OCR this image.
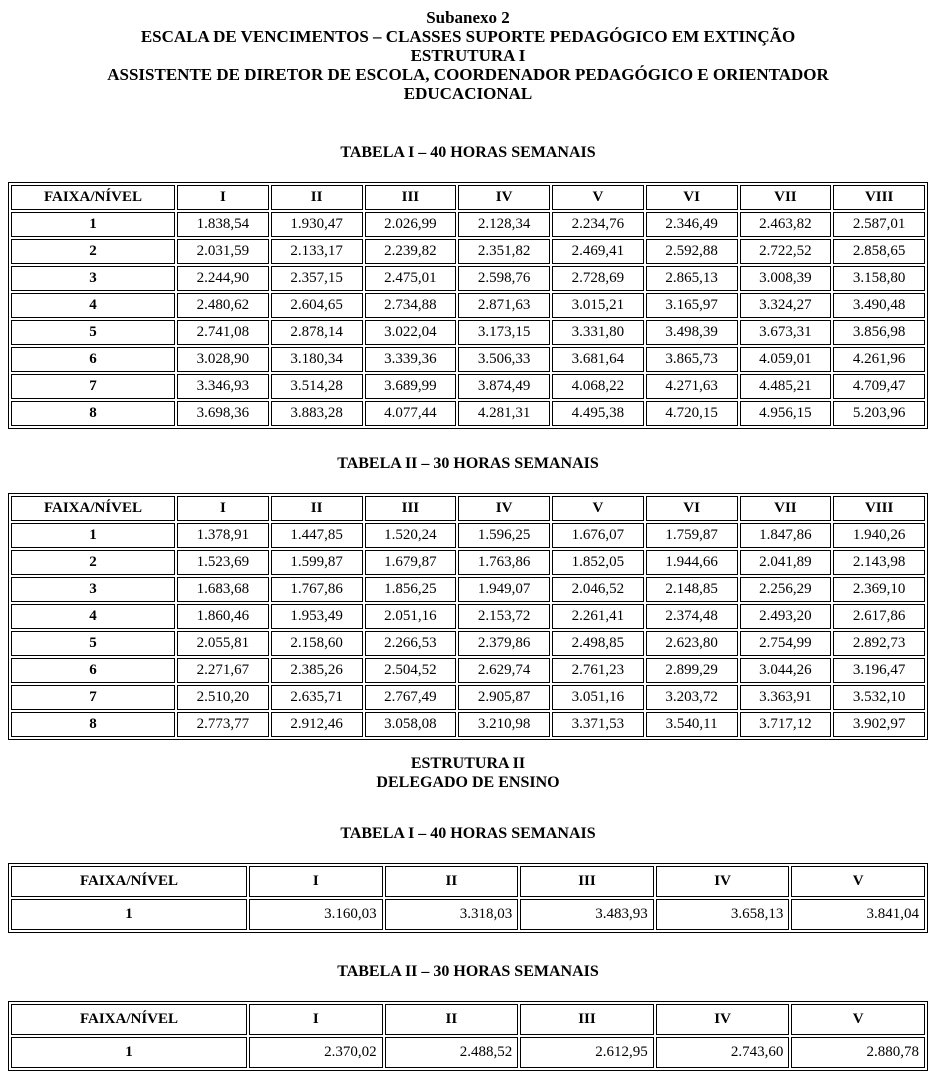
Subanexo 2
ESCALA DE VENCIMENTOS – CLASSES SUPORTE PEDAGÓGICO EM EXTINÇÃO
ESTRUTURA I
ASSISTENTE DE DIRETOR DE ESCOLA, COORDENADOR PEDAGÓGICO E ORIENTADOR
EDUCACIONAL
TABELA I – 40 HORAS SEMANAIS
FAIXA/NÍVEL	I	II	III	IV	V	VI	VII	VIII
1	1.838,54	1.930,47	2.026,99	2.128,34	2.234,76	2.346,49	2.463,82	2.587,01
2	2.031,59	2.133,17	2.239,82	2.351,82	2.469,41	2.592,88	2.722,52	2.858,65
3	2.244,90	2.357,15	2.475,01	2.598,76	2.728,69	2.865,13	3.008,39	3.158,80
4	2.480,62	2.604,65	2.734,88	2.871,63	3.015,21	3.165,97	3.324,27	3.490,48
5	2.741,08	2.878,14	3.022,04	3.173,15	3.331,80	3.498,39	3.673,31	3.856,98
6	3.028,90	3.180,34	3.339,36	3.506,33	3.681,64	3.865,73	4.059,01	4.261,96
7	3.346,93	3.514,28	3.689,99	3.874,49	4.068,22	4.271,63	4.485,21	4.709,47
8	3.698,36	3.883,28	4.077,44	4.281,31	4.495,38	4.720,15	4.956,15	5.203,96
TABELA II – 30 HORAS SEMANAIS
FAIXA/NÍVEL	I	II	III	IV	V	VI	VII	VIII
1	1.378,91	1.447,85	1.520,24	1.596,25	1.676,07	1.759,87	1.847,86	1.940,26
2	1.523,69	1.599,87	1.679,87	1.763,86	1.852,05	1.944,66	2.041,89	2.143,98
3	1.683,68	1.767,86	1.856,25	1.949,07	2.046,52	2.148,85	2.256,29	2.369,10
4	1.860,46	1.953,49	2.051,16	2.153,72	2.261,41	2.374,48	2.493,20	2.617,86
5	2.055,81	2.158,60	2.266,53	2.379,86	2.498,85	2.623,80	2.754,99	2.892,73
6	2.271,67	2.385,26	2.504,52	2.629,74	2.761,23	2.899,29	3.044,26	3.196,47
7	2.510,20	2.635,71	2.767,49	2.905,87	3.051,16	3.203,72	3.363,91	3.532,10
8	2.773,77	2.912,46	3.058,08	3.210,98	3.371,53	3.540,11	3.717,12	3.902,97
ESTRUTURA II
DELEGADO DE ENSINO
TABELA I – 40 HORAS SEMANAIS
FAIXA/NÍVEL	I	II	III	IV	V
1	3.160,03	3.318,03	3.483,93	3.658,13	3.841,04
TABELA II – 30 HORAS SEMANAIS
FAIXA/NÍVEL	I	II	III	IV	V
1	2.370,02	2.488,52	2.612,95	2.743,60	2.880,78
